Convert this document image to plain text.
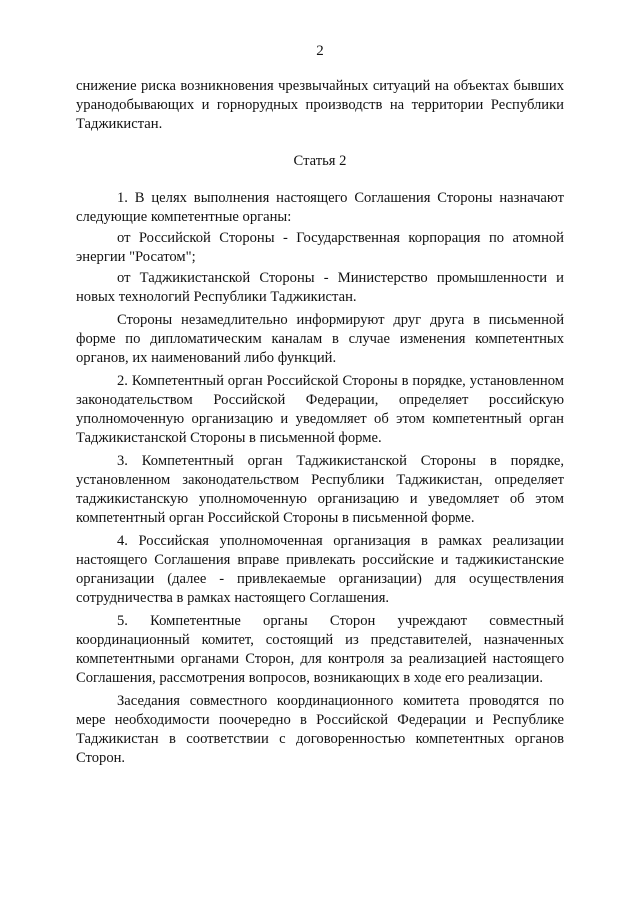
2

снижение риска возникновения чрезвычайных ситуаций на объектах бывших уранодобывающих и горнорудных производств на территории Республики Таджикистан.

Статья 2

1. В целях выполнения настоящего Соглашения Стороны назначают следующие компетентные органы:

от Российской Стороны - Государственная корпорация по атомной энергии "Росатом";

от Таджикистанской Стороны - Министерство промышленности и новых технологий Республики Таджикистан.

Стороны незамедлительно информируют друг друга в письменной форме по дипломатическим каналам в случае изменения компетентных органов, их наименований либо функций.

2. Компетентный орган Российской Стороны в порядке, установленном законодательством Российской Федерации, определяет российскую уполномоченную организацию и уведомляет об этом компетентный орган Таджикистанской Стороны в письменной форме.

3. Компетентный орган Таджикистанской Стороны в порядке, установленном законодательством Республики Таджикистан, определяет таджикистанскую уполномоченную организацию и уведомляет об этом компетентный орган Российской Стороны в письменной форме.

4. Российская уполномоченная организация в рамках реализации настоящего Соглашения вправе привлекать российские и таджикистанские организации (далее - привлекаемые организации) для осуществления сотрудничества в рамках настоящего Соглашения.

5. Компетентные органы Сторон учреждают совместный координационный комитет, состоящий из представителей, назначенных компетентными органами Сторон, для контроля за реализацией настоящего Соглашения, рассмотрения вопросов, возникающих в ходе его реализации.

Заседания совместного координационного комитета проводятся по мере необходимости поочередно в Российской Федерации и Республике Таджикистан в соответствии с договоренностью компетентных органов Сторон.
